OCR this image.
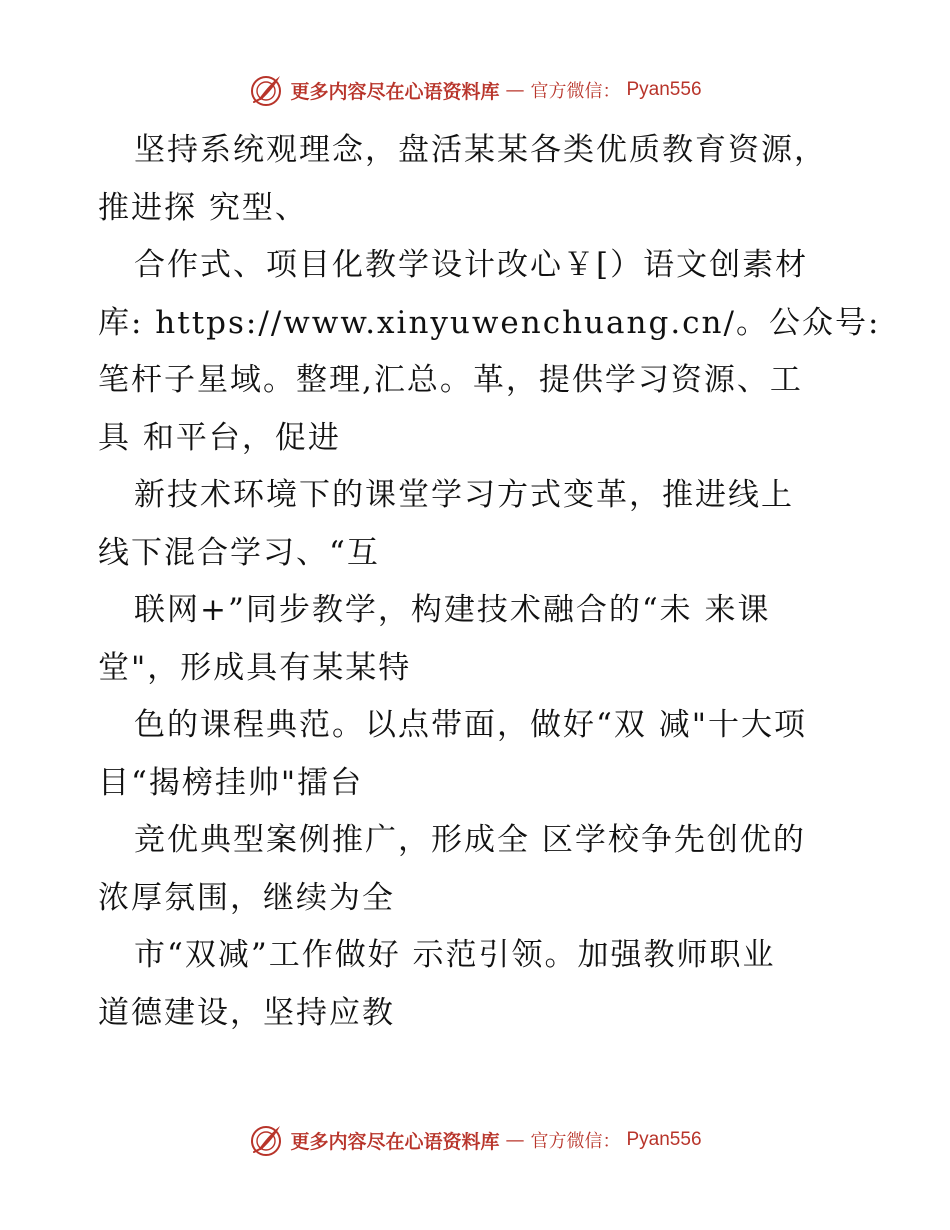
更多内容尽在心语资料库 — 官方微信： Pyan556
坚持系统观理念，盘活某某各类优质教育资源，
推进探 究型、
合作式、项目化教学设计改心￥[）语文创素材
库: https://www.xinyuwenchuang.cn/。公众号:
笔杆子星域。整理,汇总。革，提供学习资源、工
具 和平台，促进
新技术环境下的课堂学习方式变革，推进线上
线下混合学习、“互
联网+”同步教学，构建技术融合的“未 来课
堂"，形成具有某某特
色的课程典范。以点带面，做好“双 减"十大项
目“揭榜挂帅"擂台
竞优典型案例推广，形成全 区学校争先创优的
浓厚氛围，继续为全
市“双减”工作做好 示范引领。加强教师职业
道德建设，坚持应教
更多内容尽在心语资料库 — 官方微信： Pyan556
